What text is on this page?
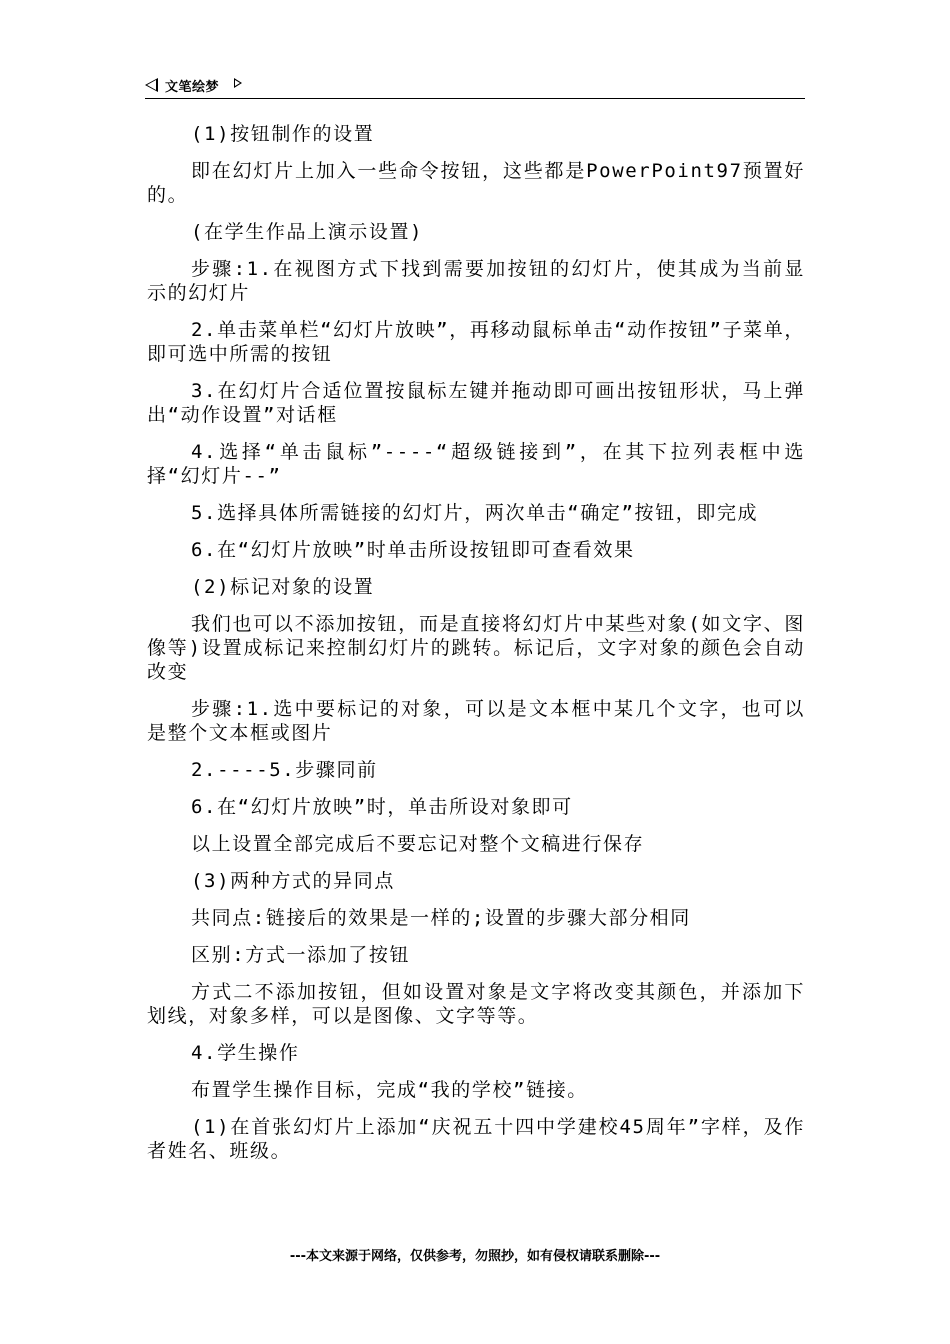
文笔绘梦

(1)按钮制作的设置

即在幻灯片上加入一些命令按钮，这些都是PowerPoint97预置好的。

(在学生作品上演示设置)

步骤:1.在视图方式下找到需要加按钮的幻灯片，使其成为当前显示的幻灯片

2.单击菜单栏“幻灯片放映”，再移动鼠标单击“动作按钮”子菜单，即可选中所需的按钮

3.在幻灯片合适位置按鼠标左键并拖动即可画出按钮形状，马上弹出“动作设置”对话框

4.选择“单击鼠标”----“超级链接到”，在其下拉列表框中选择“幻灯片--”

5.选择具体所需链接的幻灯片，两次单击“确定”按钮，即完成

6.在“幻灯片放映”时单击所设按钮即可查看效果

(2)标记对象的设置

我们也可以不添加按钮，而是直接将幻灯片中某些对象(如文字、图像等)设置成标记来控制幻灯片的跳转。标记后，文字对象的颜色会自动改变

步骤:1.选中要标记的对象，可以是文本框中某几个文字，也可以是整个文本框或图片

2.----5.步骤同前

6.在“幻灯片放映”时，单击所设对象即可

以上设置全部完成后不要忘记对整个文稿进行保存

(3)两种方式的异同点

共同点:链接后的效果是一样的;设置的步骤大部分相同

区别:方式一添加了按钮

方式二不添加按钮，但如设置对象是文字将改变其颜色，并添加下划线，对象多样，可以是图像、文字等等。

4.学生操作

布置学生操作目标，完成“我的学校”链接。

(1)在首张幻灯片上添加“庆祝五十四中学建校45周年”字样，及作者姓名、班级。

---本文来源于网络，仅供参考，勿照抄，如有侵权请联系删除---
